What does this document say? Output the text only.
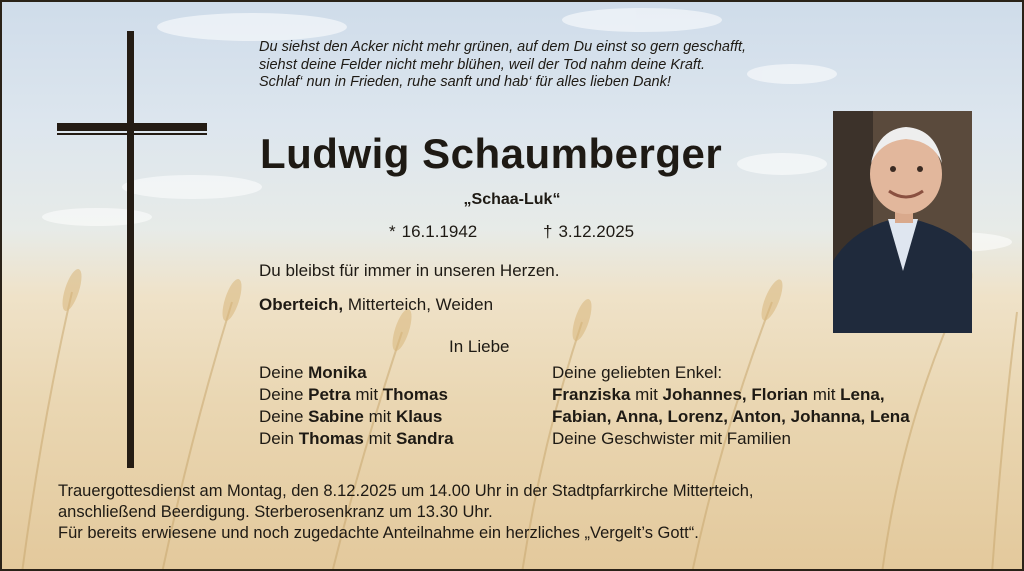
Du siehst den Acker nicht mehr grünen, auf dem Du einst so gern geschafft,
siehst deine Felder nicht mehr blühen, weil der Tod nahm deine Kraft.
Schlaf‘ nun in Frieden, ruhe sanft und hab‘ für alles lieben Dank!
Ludwig Schaumberger
„Schaa-Luk“
* 16.1.1942	† 3.12.2025
Du bleibst für immer in unseren Herzen.
Oberteich, Mitterteich, Weiden
In Liebe
Deine Monika
Deine Petra mit Thomas
Deine Sabine mit Klaus
Dein Thomas mit Sandra
Deine geliebten Enkel:
Franziska mit Johannes, Florian mit Lena,
Fabian, Anna, Lorenz, Anton, Johanna, Lena
Deine Geschwister mit Familien
Trauergottesdienst am Montag, den 8.12.2025 um 14.00 Uhr in der Stadtpfarrkirche Mitterteich,
anschließend Beerdigung. Sterberosenkranz um 13.30 Uhr.
Für bereits erwiesene und noch zugedachte Anteilnahme ein herzliches „Vergelt’s Gott“.
